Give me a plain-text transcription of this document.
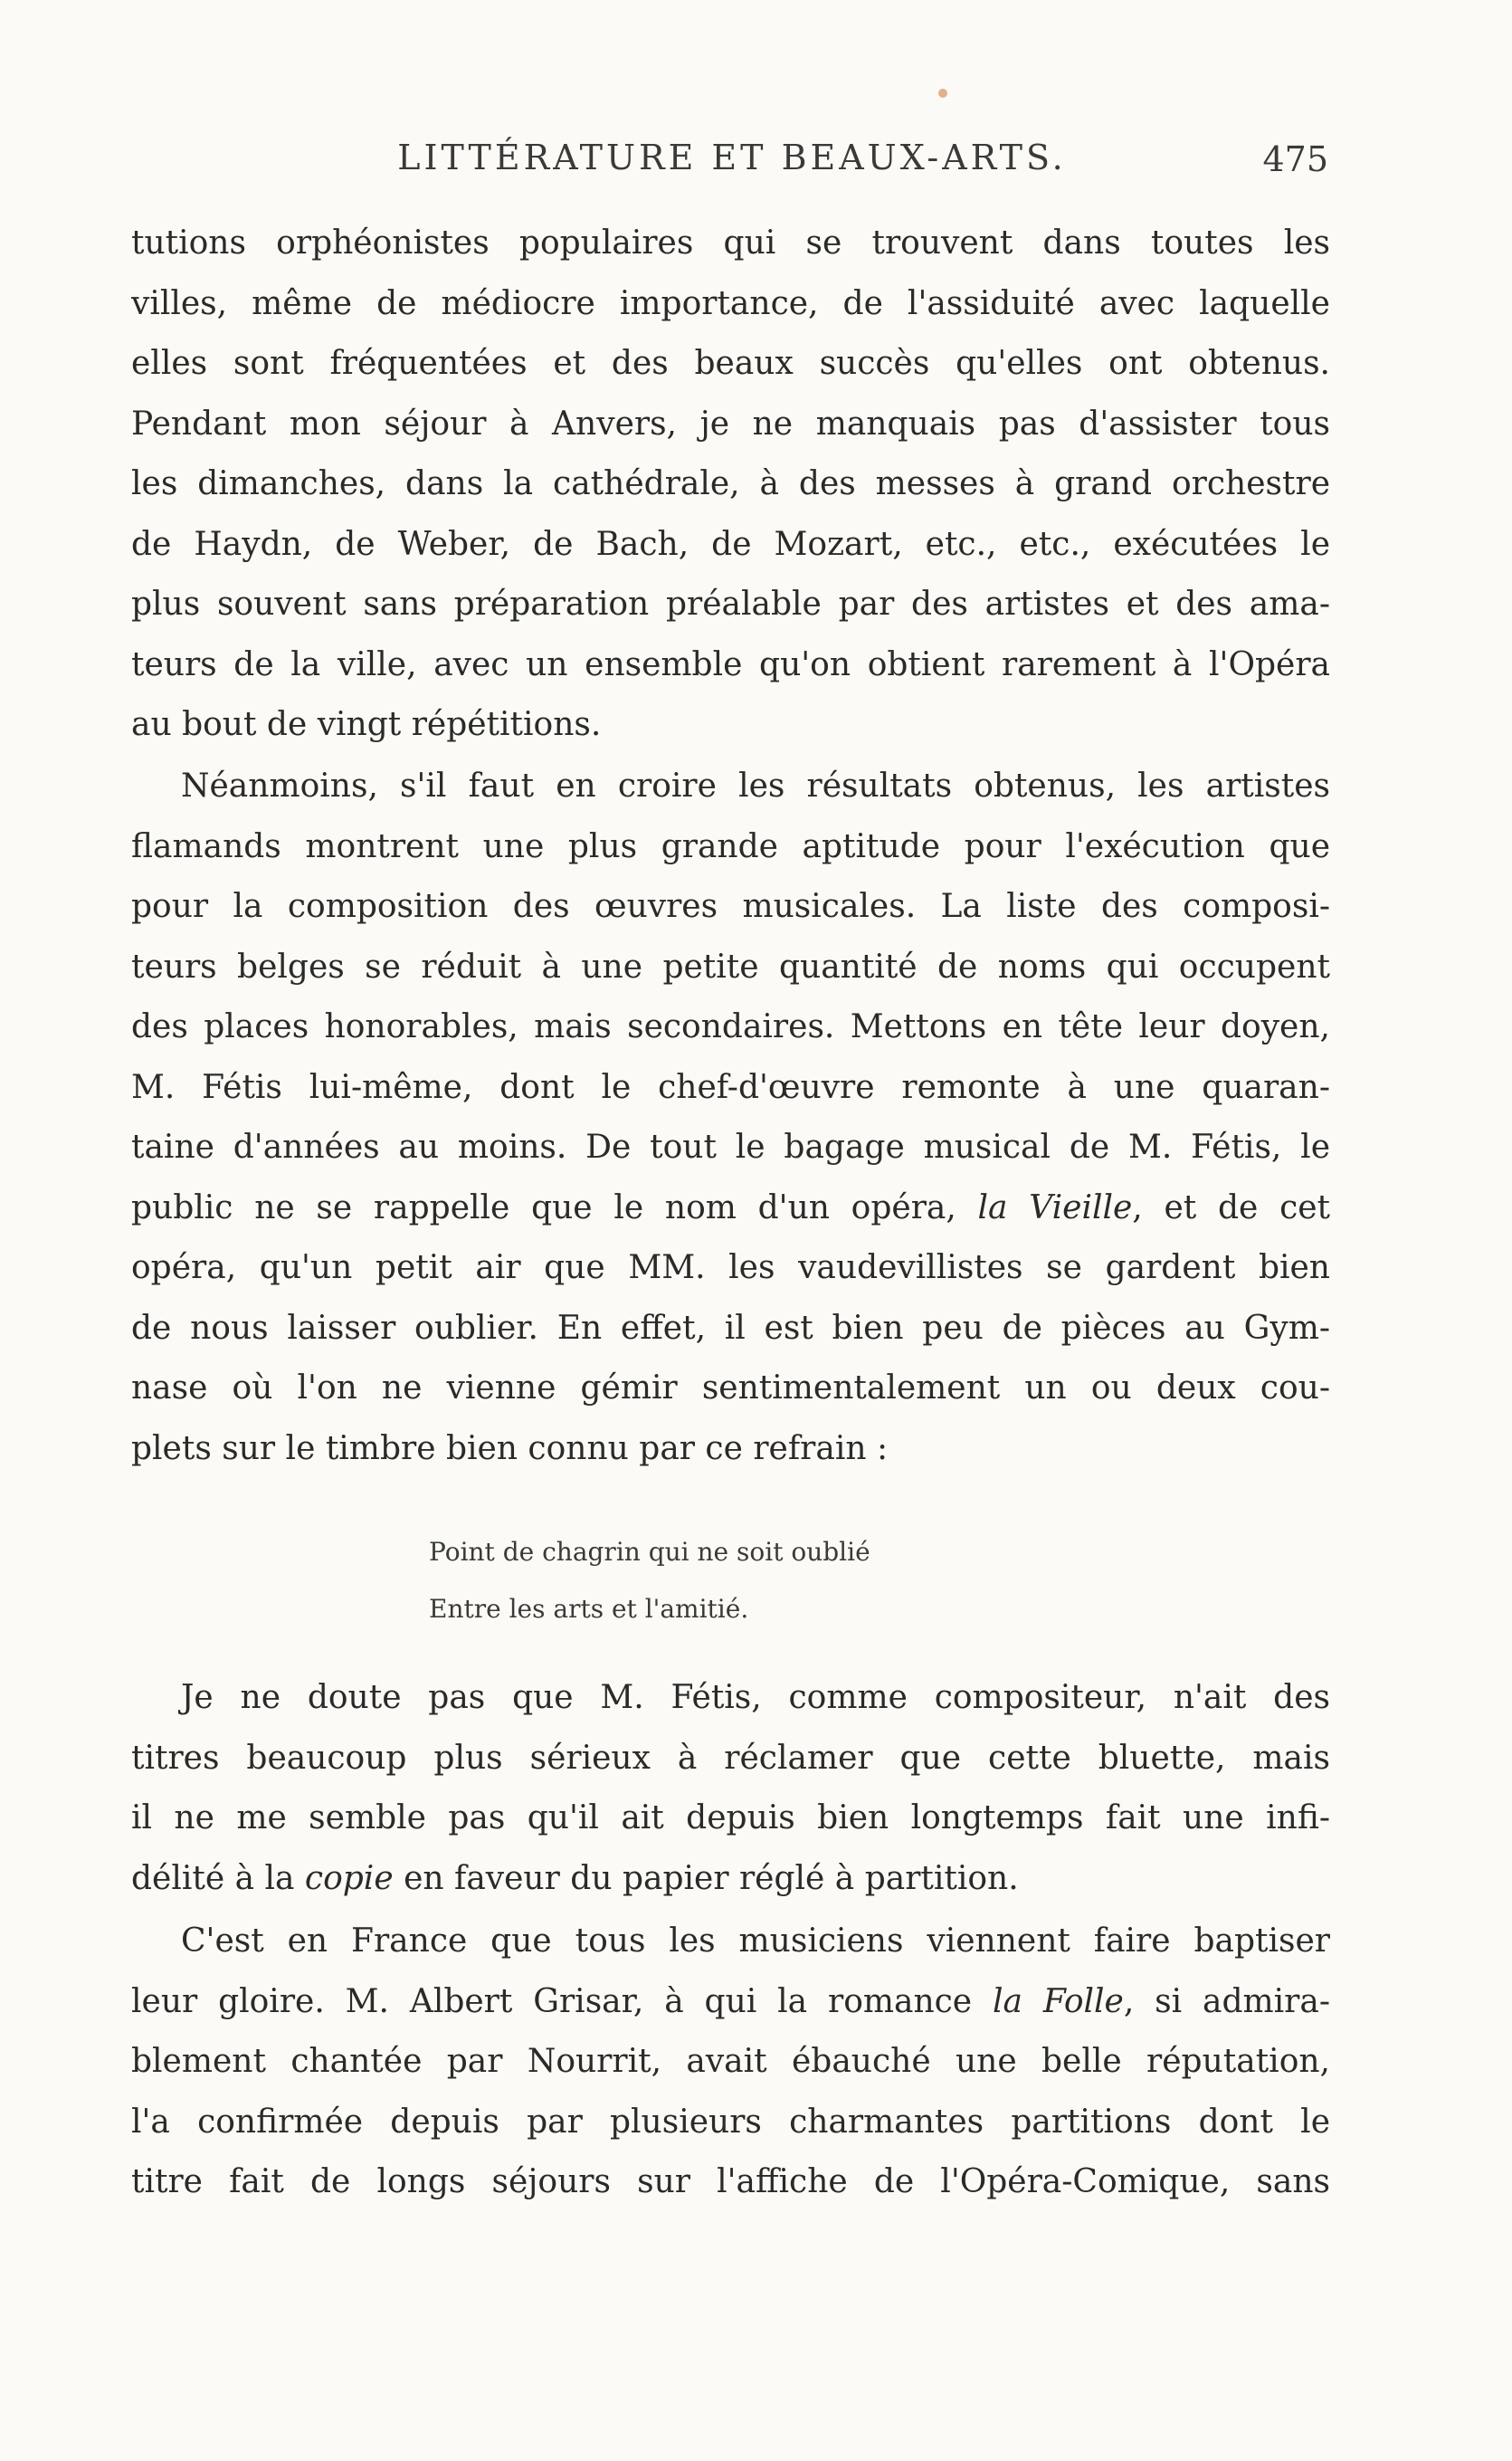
LITTÉRATURE ET BEAUX-ARTS.	475
tutions orphéonistes populaires qui se trouvent dans toutes les
villes, même de médiocre importance, de l'assiduité avec laquelle
elles sont fréquentées et des beaux succès qu'elles ont obtenus.
Pendant mon séjour à Anvers, je ne manquais pas d'assister tous
les dimanches, dans la cathédrale, à des messes à grand orchestre
de Haydn, de Weber, de Bach, de Mozart, etc., etc., exécutées le
plus souvent sans préparation préalable par des artistes et des ama-
teurs de la ville, avec un ensemble qu'on obtient rarement à l'Opéra
au bout de vingt répétitions.
Néanmoins, s'il faut en croire les résultats obtenus, les artistes
flamands montrent une plus grande aptitude pour l'exécution que
pour la composition des œuvres musicales. La liste des composi-
teurs belges se réduit à une petite quantité de noms qui occupent
des places honorables, mais secondaires. Mettons en tête leur doyen,
M. Fétis lui-même, dont le chef-d'œuvre remonte à une quaran-
taine d'années au moins. De tout le bagage musical de M. Fétis, le
public ne se rappelle que le nom d'un opéra, la Vieille, et de cet
opéra, qu'un petit air que MM. les vaudevillistes se gardent bien
de nous laisser oublier. En effet, il est bien peu de pièces au Gym-
nase où l'on ne vienne gémir sentimentalement un ou deux cou-
plets sur le timbre bien connu par ce refrain :
Point de chagrin qui ne soit oublié
Entre les arts et l'amitié.
Je ne doute pas que M. Fétis, comme compositeur, n'ait des
titres beaucoup plus sérieux à réclamer que cette bluette, mais
il ne me semble pas qu'il ait depuis bien longtemps fait une infi-
délité à la copie en faveur du papier réglé à partition.
C'est en France que tous les musiciens viennent faire baptiser
leur gloire. M. Albert Grisar, à qui la romance la Folle, si admira-
blement chantée par Nourrit, avait ébauché une belle réputation,
l'a confirmée depuis par plusieurs charmantes partitions dont le
titre fait de longs séjours sur l'affiche de l'Opéra-Comique, sans
